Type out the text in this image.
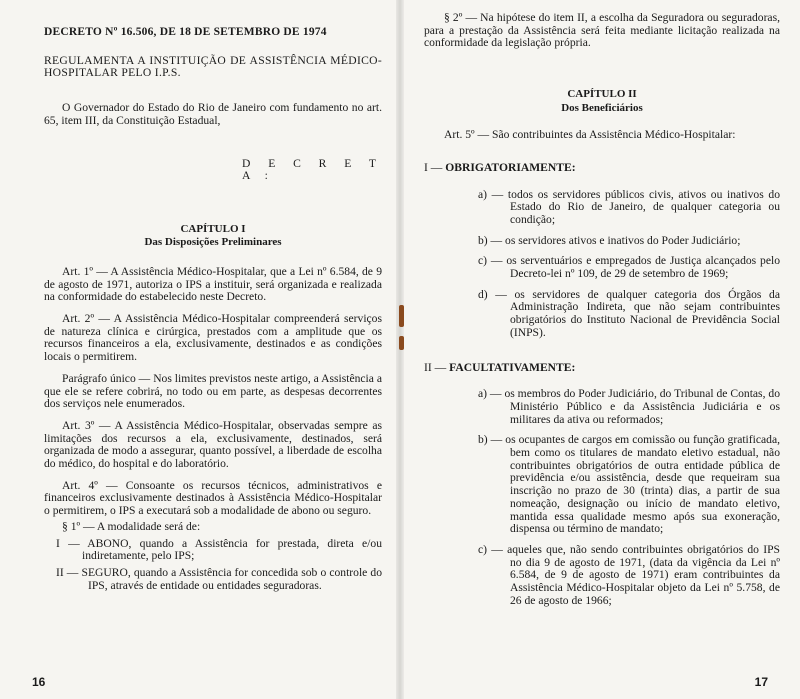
DECRETO Nº 16.506, DE 18 DE SETEMBRO DE 1974

REGULAMENTA A INSTITUIÇÃO DE ASSISTÊNCIA MÉDICO-HOSPITALAR PELO I.P.S.

O Governador do Estado do Rio de Janeiro com fundamento no art. 65, item III, da Constituição Estadual,

D E C R E T A :

CAPÍTULO I
Das Disposições Preliminares

Art. 1º — A Assistência Médico-Hospitalar, que a Lei nº 6.584, de 9 de agosto de 1971, autoriza o IPS a instituir, será organizada e realizada na conformidade do estabelecido neste Decreto.

Art. 2º — A Assistência Médico-Hospitalar compreenderá serviços de natureza clínica e cirúrgica, prestados com a amplitude que os recursos financeiros a ela, exclusivamente, destinados e as condições locais o permitirem.

Parágrafo único — Nos limites previstos neste artigo, a Assistência a que ele se refere cobrirá, no todo ou em parte, as despesas decorrentes dos serviços nele enumerados.

Art. 3º — A Assistência Médico-Hospitalar, observadas sempre as limitações dos recursos a ela, exclusivamente, destinados, será organizada de modo a assegurar, quanto possível, a liberdade de escolha do médico, do hospital e do laboratório.

Art. 4º — Consoante os recursos técnicos, administrativos e financeiros exclusivamente destinados à Assistência Médico-Hospitalar o permitirem, o IPS a executará sob a modalidade de abono ou seguro.

§ 1º — A modalidade será de:

I — ABONO, quando a Assistência for prestada, direta e/ou indiretamente, pelo IPS;

II — SEGURO, quando a Assistência for concedida sob o controle do IPS, através de entidade ou entidades seguradoras.

16

§ 2º — Na hipótese do item II, a escolha da Seguradora ou seguradoras, para a prestação da Assistência será feita mediante licitação realizada na conformidade da legislação própria.

CAPÍTULO II
Dos Beneficiários

Art. 5º — São contribuintes da Assistência Médico-Hospitalar:

I — OBRIGATORIAMENTE:

a) — todos os servidores públicos civis, ativos ou inativos do Estado do Rio de Janeiro, de qualquer categoria ou condição;

b) — os servidores ativos e inativos do Poder Judiciário;

c) — os serventuários e empregados de Justiça alcançados pelo Decreto-lei nº 109, de 29 de setembro de 1969;

d) — os servidores de qualquer categoria dos Órgãos da Administração Indireta, que não sejam contribuintes obrigatórios do Instituto Nacional de Previdência Social (INPS).

II — FACULTATIVAMENTE:

a) — os membros do Poder Judiciário, do Tribunal de Contas, do Ministério Público e da Assistência Judiciária e os militares da ativa ou reformados;

b) — os ocupantes de cargos em comissão ou função gratificada, bem como os titulares de mandato eletivo estadual, não contribuintes obrigatórios de outra entidade pública de previdência e/ou assistência, desde que requeiram sua inscrição no prazo de 30 (trinta) dias, a partir de sua nomeação, designação ou início de mandato eletivo, mantida essa qualidade mesmo após sua exoneração, dispensa ou término de mandato;

c) — aqueles que, não sendo contribuintes obrigatórios do IPS no dia 9 de agosto de 1971, (data da vigência da Lei nº 6.584, de 9 de agosto de 1971) eram contribuintes da Assistência Médico-Hospitalar objeto da Lei nº 5.758, de 26 de agosto de 1966;

17
